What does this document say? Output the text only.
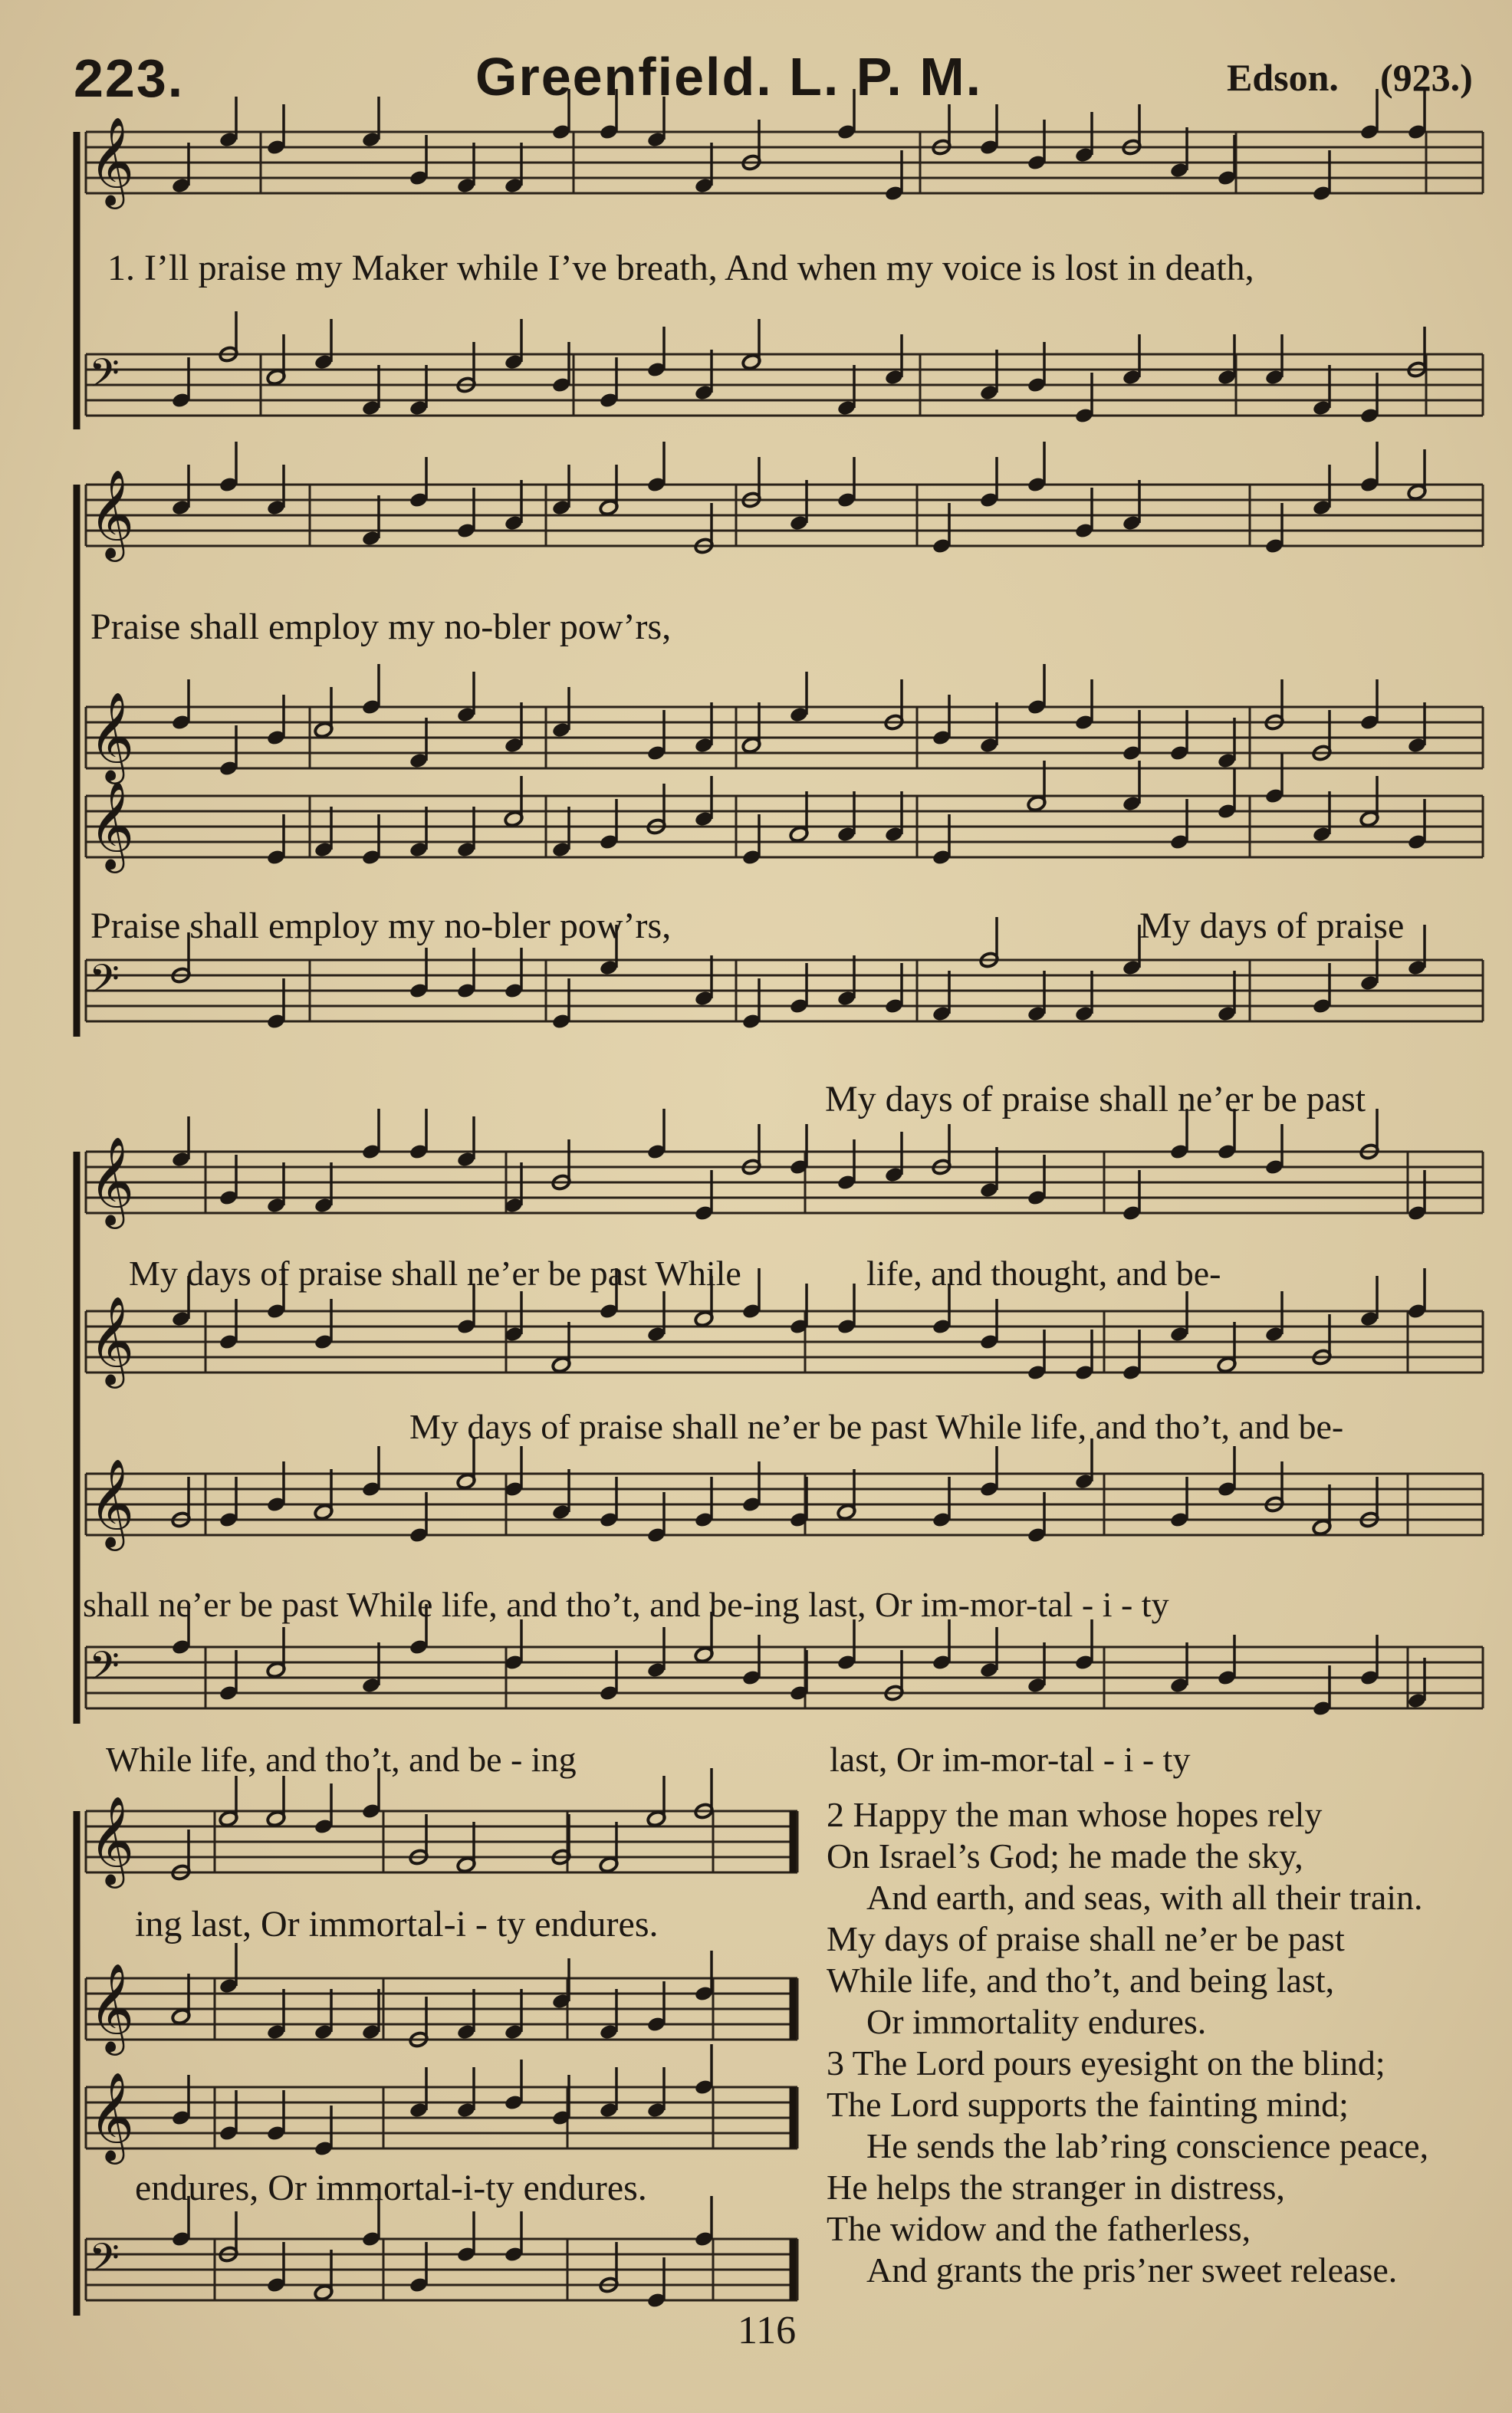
223.	Greenfield. L. P. M.	Edson. (923.)
𝄞
𝄢
𝄞
𝄞
𝄞
𝄢
𝄞
𝄞
𝄞
𝄢
𝄞
𝄞
𝄞
𝄢
1. I’ll praise my Maker while I’ve breath, And when my voice is lost in death,
Praise shall employ my no-bler pow’rs,
Praise shall employ my no-bler pow’rs,	My days of praise
My days of praise shall ne’er be past
My days of praise shall ne’er be past While	life, and thought, and be-
My days of praise shall ne’er be past While life, and tho’t, and be-
shall ne’er be past While life, and tho’t, and be-ing last, Or im-mor-tal - i - ty
While life, and tho’t, and be - ing	last, Or im-mor-tal - i - ty
ing last, Or immortal-i - ty endures.
endures, Or immortal-i-ty endures.
2 Happy the man whose hopes rely
On Israel’s God; he made the sky,
And earth, and seas, with all their train.
My days of praise shall ne’er be past
While life, and tho’t, and being last,
Or immortality endures.
3 The Lord pours eyesight on the blind;
The Lord supports the fainting mind;
He sends the lab’ring conscience peace,
He helps the stranger in distress,
The widow and the fatherless,
And grants the pris’ner sweet release.
116
